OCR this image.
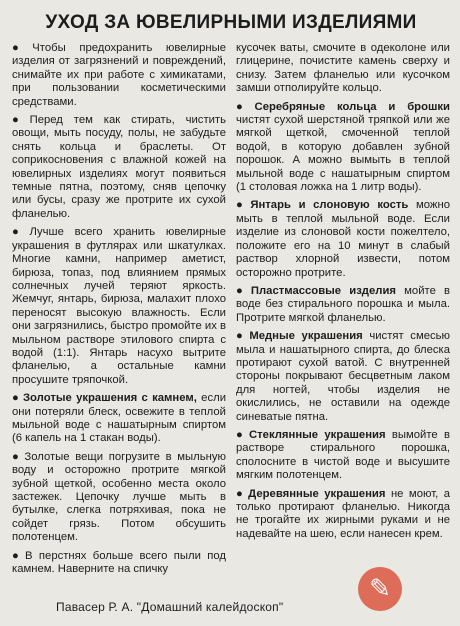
УХОД ЗА ЮВЕЛИРНЫМИ ИЗДЕЛИЯМИ

● Чтобы предохранить ювелирные изделия от загрязнений и повреждений, снимайте их при работе с химикатами, при пользовании косметическими средствами.

● Перед тем как стирать, чистить овощи, мыть посуду, полы, не забудьте снять кольца и браслеты. От соприкосновения с влажной кожей на ювелирных изделиях могут появиться темные пятна, поэтому, сняв цепочку или бусы, сразу же протрите их сухой фланелью.

● Лучше всего хранить ювелирные украшения в футлярах или шкатулках. Многие камни, например аметист, бирюза, топаз, под влиянием прямых солнечных лучей теряют яркость. Жемчуг, янтарь, бирюза, малахит плохо переносят высокую влажность. Если они загрязнились, быстро промойте их в мыльном растворе этилового спирта с водой (1:1). Янтарь насухо вытрите фланелью, а остальные камни просушите тряпочкой.

● Золотые украшения с камнем, если они потеряли блеск, освежите в теплой мыльной воде с нашатырным спиртом (6 капель на 1 стакан воды).

● Золотые вещи погрузите в мыльную воду и осторожно протрите мягкой зубной щеткой, особенно места около застежек. Цепочку лучше мыть в бутылке, слегка потряхивая, пока не сойдет грязь. Потом обсушить полотенцем.

● В перстнях больше всего пыли под камнем. Наверните на спичку

кусочек ваты, смочите в одеколоне или глицерине, почистите камень сверху и снизу. Затем фланелью или кусочком замши отполируйте кольцо.

● Серебряные кольца и брошки чистят сухой шерстяной тряпкой или же мягкой щеткой, смоченной теплой водой, в которую добавлен зубной порошок. А можно вымыть в теплой мыльной воде с нашатырным спиртом (1 столовая ложка на 1 литр воды).

● Янтарь и слоновую кость можно мыть в теплой мыльной воде. Если изделие из слоновой кости пожелтело, положите его на 10 минут в слабый раствор хлорной извести, потом осторожно протрите.

● Пластмассовые изделия мойте в воде без стирального порошка и мыла. Протрите мягкой фланелью.

● Медные украшения чистят смесью мыла и нашатырного спирта, до блеска протирают сухой ватой. С внутренней стороны покрывают бесцветным лаком для ногтей, чтобы изделия не окислились, не оставили на одежде синеватые пятна.

● Стеклянные украшения вымойте в растворе стирального порошка, сполосните в чистой воде и высушите мягким полотенцем.

● Деревянные украшения не моют, а только протирают фланелью. Никогда не трогайте их жирными руками и не надевайте на шею, если нанесен крем.

Павасер Р. А. "Домашний калейдоскоп"
✎
